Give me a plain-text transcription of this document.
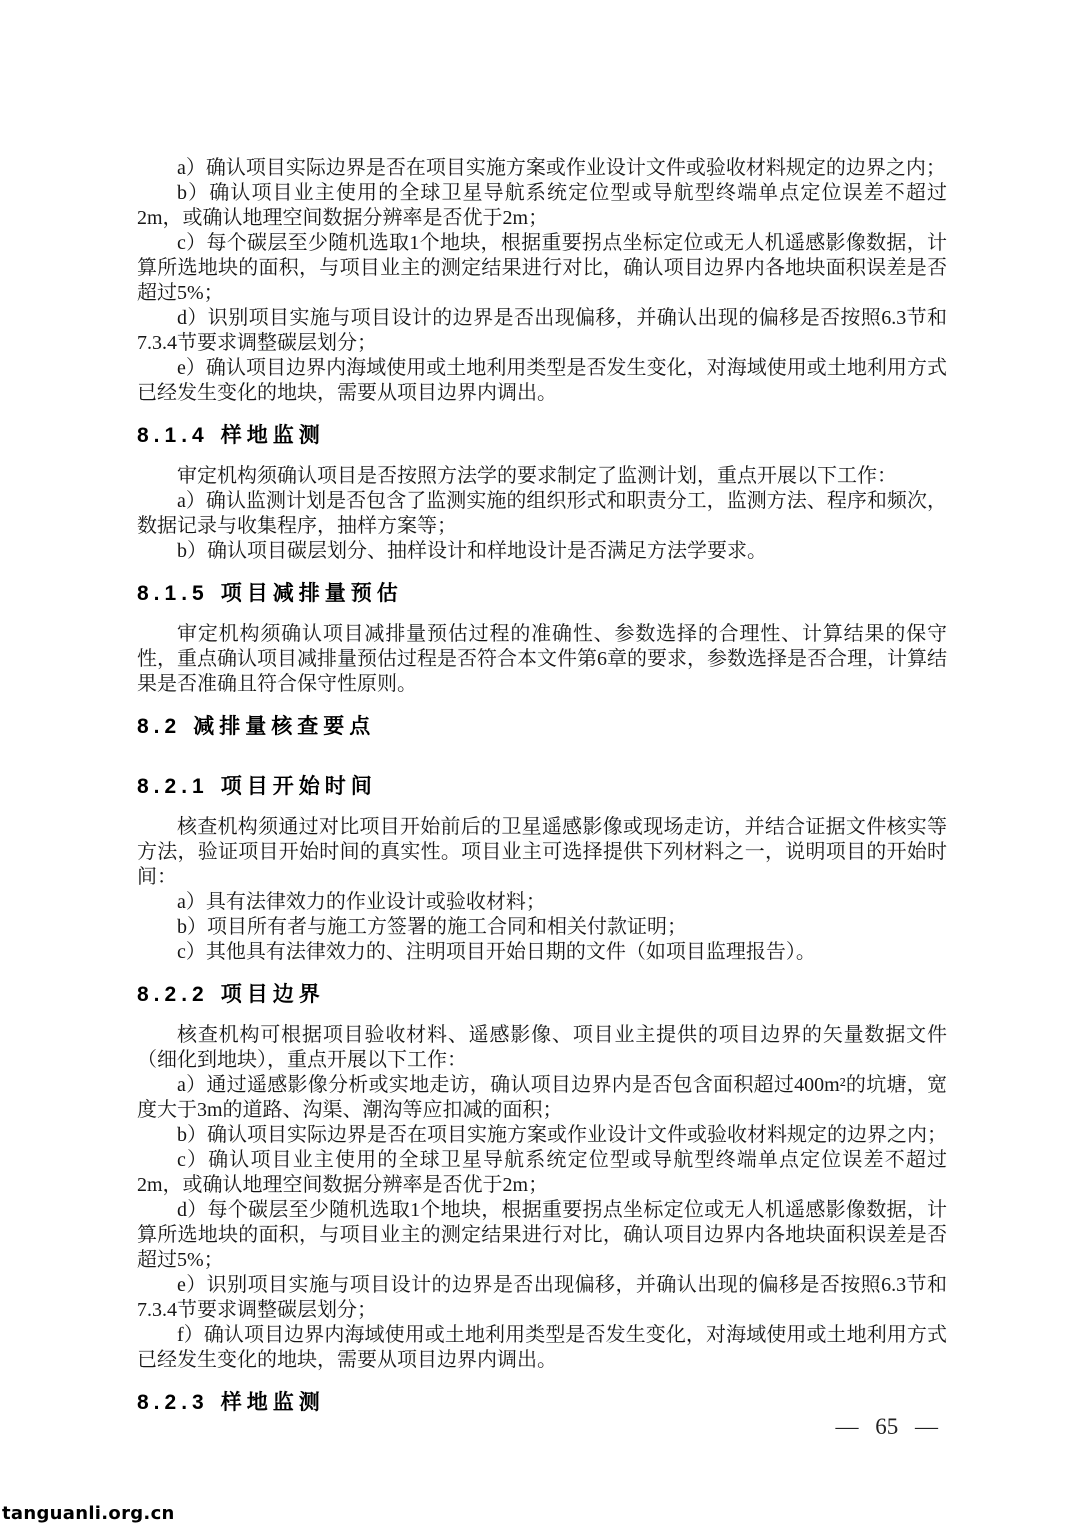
a）确认项目实际边界是否在项目实施方案或作业设计文件或验收材料规定的边界之内；

b）确认项目业主使用的全球卫星导航系统定位型或导航型终端单点定位误差不超过2m，或确认地理空间数据分辨率是否优于2m；

c）每个碳层至少随机选取1个地块，根据重要拐点坐标定位或无人机遥感影像数据，计算所选地块的面积，与项目业主的测定结果进行对比，确认项目边界内各地块面积误差是否超过5%；

d）识别项目实施与项目设计的边界是否出现偏移，并确认出现的偏移是否按照6.3节和7.3.4节要求调整碳层划分；

e）确认项目边界内海域使用或土地利用类型是否发生变化，对海域使用或土地利用方式已经发生变化的地块，需要从项目边界内调出。

8.1.4 样地监测

审定机构须确认项目是否按照方法学的要求制定了监测计划，重点开展以下工作：

a）确认监测计划是否包含了监测实施的组织形式和职责分工，监测方法、程序和频次，数据记录与收集程序，抽样方案等；

b）确认项目碳层划分、抽样设计和样地设计是否满足方法学要求。

8.1.5 项目减排量预估

审定机构须确认项目减排量预估过程的准确性、参数选择的合理性、计算结果的保守性，重点确认项目减排量预估过程是否符合本文件第6章的要求，参数选择是否合理，计算结果是否准确且符合保守性原则。

8.2 减排量核查要点
8.2.1 项目开始时间

核查机构须通过对比项目开始前后的卫星遥感影像或现场走访，并结合证据文件核实等方法，验证项目开始时间的真实性。项目业主可选择提供下列材料之一，说明项目的开始时间：

a）具有法律效力的作业设计或验收材料；

b）项目所有者与施工方签署的施工合同和相关付款证明；

c）其他具有法律效力的、注明项目开始日期的文件（如项目监理报告）。

8.2.2 项目边界

核查机构可根据项目验收材料、遥感影像、项目业主提供的项目边界的矢量数据文件（细化到地块），重点开展以下工作：

a）通过遥感影像分析或实地走访，确认项目边界内是否包含面积超过400m²的坑塘，宽度大于3m的道路、沟渠、潮沟等应扣减的面积；

b）确认项目实际边界是否在项目实施方案或作业设计文件或验收材料规定的边界之内；

c）确认项目业主使用的全球卫星导航系统定位型或导航型终端单点定位误差不超过2m，或确认地理空间数据分辨率是否优于2m；

d）每个碳层至少随机选取1个地块，根据重要拐点坐标定位或无人机遥感影像数据，计算所选地块的面积，与项目业主的测定结果进行对比，确认项目边界内各地块面积误差是否超过5%；

e）识别项目实施与项目设计的边界是否出现偏移，并确认出现的偏移是否按照6.3节和7.3.4节要求调整碳层划分；

f）确认项目边界内海域使用或土地利用类型是否发生变化，对海域使用或土地利用方式已经发生变化的地块，需要从项目边界内调出。

8.2.3 样地监测
— 65 —
tanguanli.org.cn
